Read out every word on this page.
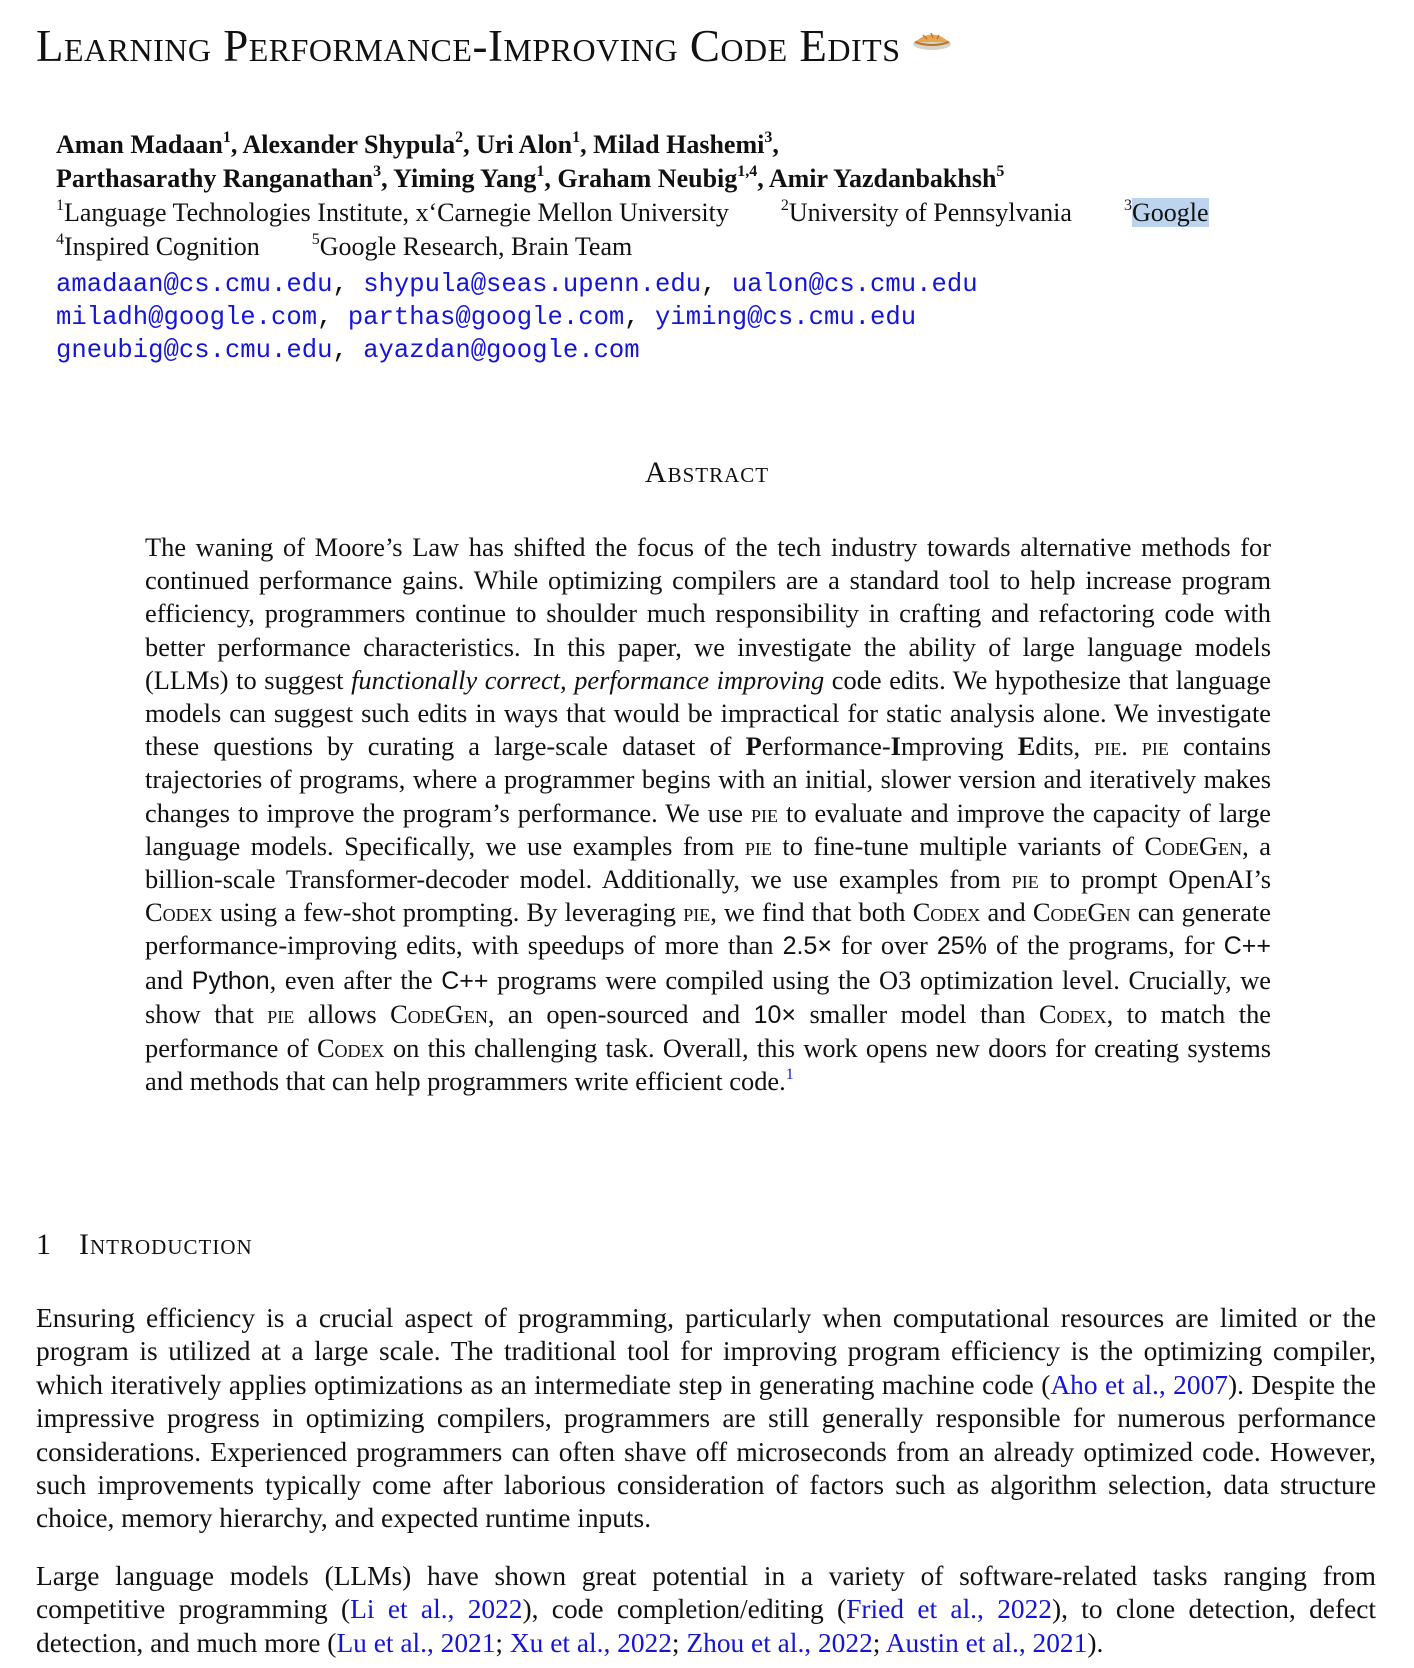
Learning Performance-Improving Code Edits
Aman Madaan$^1$, Alexander Shypula$^2$, Uri Alon$^1$, Milad Hashemi$^3$,
Parthasarathy Ranganathan$^3$, Yiming Yang$^1$, Graham Neubig$^{1,4}$, Amir Yazdanbakhsh$^5$
$^1$Language Technologies Institute, x‘Carnegie Mellon University	$^2$University of Pennsylvania	$^3$Google
$^4$Inspired Cognition	$^5$Google Research, Brain Team
amadaan@cs.cmu.edu, shypula@seas.upenn.edu, ualon@cs.cmu.edu
miladh@google.com, parthas@google.com, yiming@cs.cmu.edu
gneubig@cs.cmu.edu, ayazdan@google.com
Abstract

The waning of Moore’s Law has shifted the focus of the tech industry towards alternative methods for continued performance gains. While optimizing compilers are a standard tool to help increase program efficiency, programmers continue to shoulder much responsibility in crafting and refactoring code with better performance characteristics. In this paper, we investigate the ability of large language models (LLMs) to suggest functionally correct, performance improving code edits. We hypothesize that language models can suggest such edits in ways that would be impractical for static analysis alone. We investigate these questions by curating a large-scale dataset of Performance-Improving Edits, pie. pie contains trajectories of programs, where a programmer begins with an initial, slower version and iteratively makes changes to improve the program’s performance. We use pie to evaluate and improve the capacity of large language models. Specifically, we use examples from pie to fine-tune multiple variants of CodeGen, a billion-scale Transformer-decoder model. Additionally, we use examples from pie to prompt OpenAI’s Codex using a few-shot prompting. By leveraging pie, we find that both Codex and CodeGen can generate performance-improving edits, with speedups of more than 2.5× for over 25% of the programs, for C++ and Python, even after the C++ programs were compiled using the O3 optimization level. Crucially, we show that pie allows CodeGen, an open-sourced and 10× smaller model than Codex, to match the performance of Codex on this challenging task. Overall, this work opens new doors for creating systems and methods that can help programmers write efficient code.$^1$

1 Introduction

Ensuring efficiency is a crucial aspect of programming, particularly when computational resources are limited or the program is utilized at a large scale. The traditional tool for improving program efficiency is the optimizing compiler, which iteratively applies optimizations as an intermediate step in generating machine code (Aho et al., 2007). Despite the impressive progress in optimizing compilers, programmers are still generally responsible for numerous performance considerations. Experienced programmers can often shave off microseconds from an already optimized code. However, such improvements typically come after laborious consideration of factors such as algorithm selection, data structure choice, memory hierarchy, and expected runtime inputs.

Large language models (LLMs) have shown great potential in a variety of software-related tasks ranging from competitive programming (Li et al., 2022), code completion/editing (Fried et al., 2022), to clone detection, defect detection, and much more (Lu et al., 2021; Xu et al., 2022; Zhou et al., 2022; Austin et al., 2021).
